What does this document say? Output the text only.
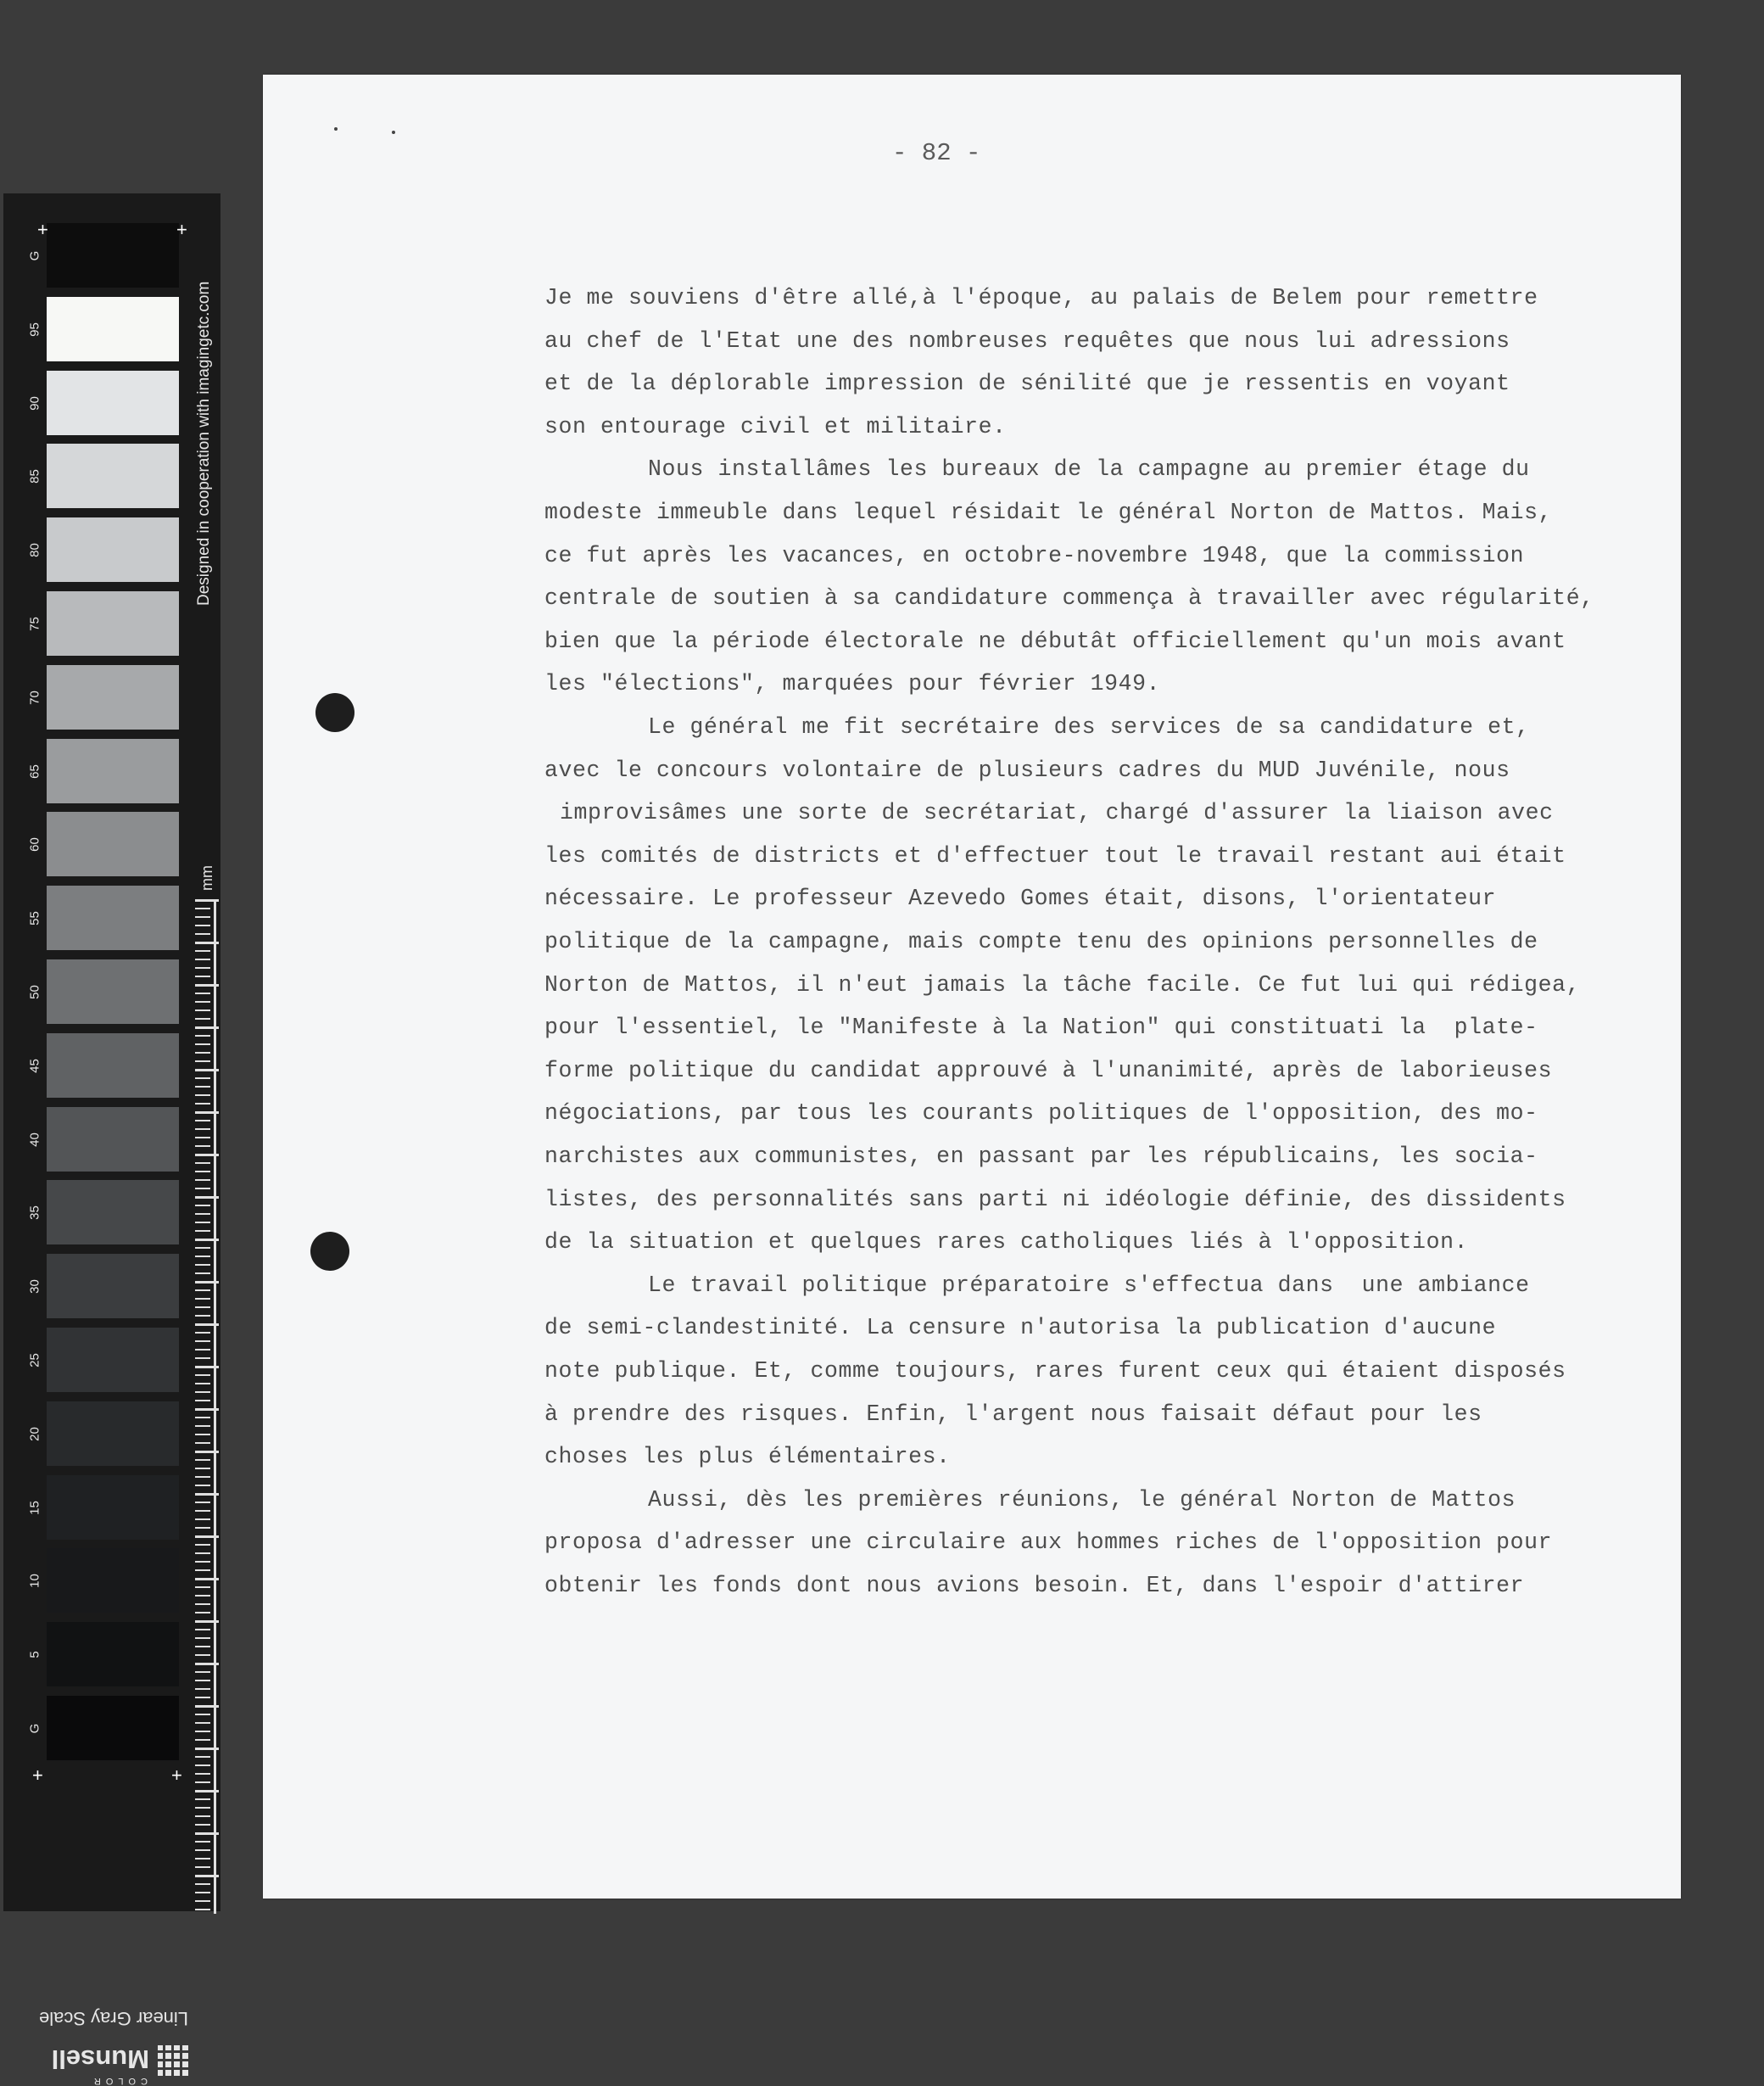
G
95
90
85
80
75
70
65
60
55
50
45
40
35
30
25
20
15
10
5
G
+	+
+	+
Designed in cooperation with imagingetc.com
mm
Linear Gray Scale
Munsell
COLOR
- 82 -
Je me souviens d'être allé,à l'époque, au palais de Belem pour remettre
au chef de l'Etat une des nombreuses requêtes que nous lui adressions
et de la déplorable impression de sénilité que je ressentis en voyant
son entourage civil et militaire.
Nous installâmes les bureaux de la campagne au premier étage du
modeste immeuble dans lequel résidait le général Norton de Mattos. Mais,
ce fut après les vacances, en octobre-novembre 1948, que la commission
centrale de soutien à sa candidature commença à travailler avec régularité,
bien que la période électorale ne débutât officiellement qu'un mois avant
les "élections", marquées pour février 1949.
Le général me fit secrétaire des services de sa candidature et,
avec le concours volontaire de plusieurs cadres du MUD Juvénile, nous
improvisâmes une sorte de secrétariat, chargé d'assurer la liaison avec
les comités de districts et d'effectuer tout le travail restant aui était
nécessaire. Le professeur Azevedo Gomes était, disons, l'orientateur
politique de la campagne, mais compte tenu des opinions personnelles de
Norton de Mattos, il n'eut jamais la tâche facile. Ce fut lui qui rédigea,
pour l'essentiel, le "Manifeste à la Nation" qui constituati la  plate-
forme politique du candidat approuvé à l'unanimité, après de laborieuses
négociations, par tous les courants politiques de l'opposition, des mo-
narchistes aux communistes, en passant par les républicains, les socia-
listes, des personnalités sans parti ni idéologie définie, des dissidents
de la situation et quelques rares catholiques liés à l'opposition.
Le travail politique préparatoire s'effectua dans  une ambiance
de semi-clandestinité. La censure n'autorisa la publication d'aucune
note publique. Et, comme toujours, rares furent ceux qui étaient disposés
à prendre des risques. Enfin, l'argent nous faisait défaut pour les
choses les plus élémentaires.
Aussi, dès les premières réunions, le général Norton de Mattos
proposa d'adresser une circulaire aux hommes riches de l'opposition pour
obtenir les fonds dont nous avions besoin. Et, dans l'espoir d'attirer
